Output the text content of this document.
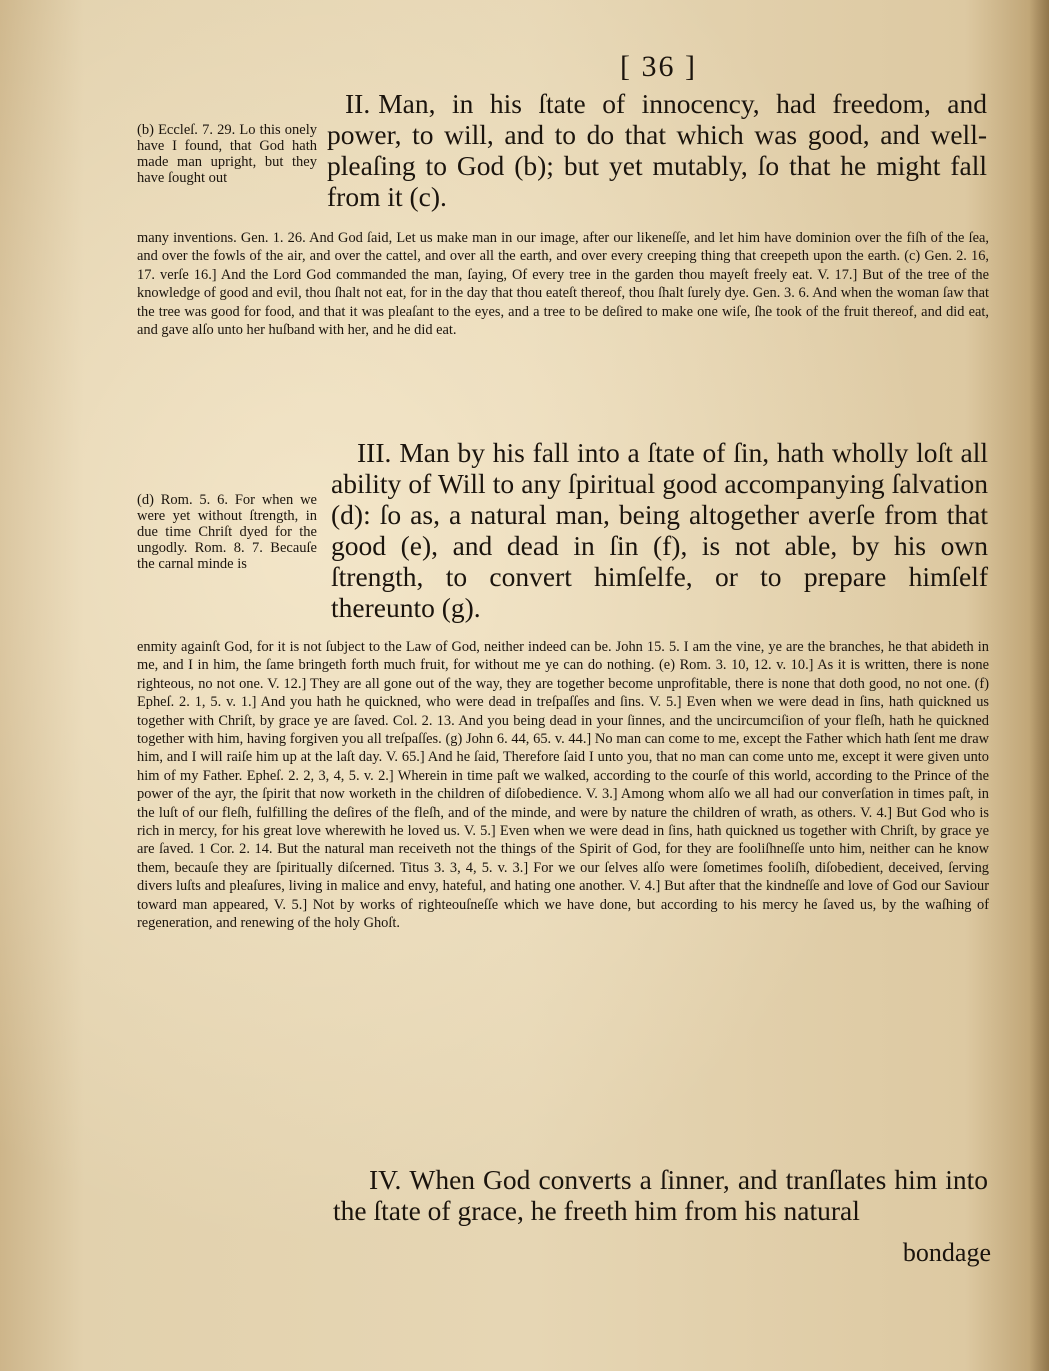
[ 36 ]
II. Man, in his ſtate of innocency, had freedom, and power, to will, and to do that which was good, and well-pleaſing to God (b); but yet mutably, ſo that he might fall from it (c).
(b) Eccleſ. 7. 29. Lo this onely have I found, that God hath made man upright, but they have ſought out
many inventions. Gen. 1. 26. And God ſaid, Let us make man in our image, after our likeneſſe, and let him have dominion over the fiſh of the ſea, and over the fowls of the air, and over the cattel, and over all the earth, and over every creeping thing that creepeth upon the earth. (c) Gen. 2. 16, 17. verſe 16.] And the Lord God commanded the man, ſaying, Of every tree in the garden thou mayeſt freely eat. V. 17.] But of the tree of the knowledge of good and evil, thou ſhalt not eat, for in the day that thou eateſt thereof, thou ſhalt ſurely dye. Gen. 3. 6. And when the woman ſaw that the tree was good for food, and that it was pleaſant to the eyes, and a tree to be deſired to make one wiſe, ſhe took of the fruit thereof, and did eat, and gave alſo unto her huſband with her, and he did eat.
III. Man by his fall into a ſtate of ſin, hath wholly loſt all ability of Will to any ſpiritual good accompanying ſalvation (d): ſo as, a natural man, being altogether averſe from that good (e), and dead in ſin (f), is not able, by his own ſtrength, to convert himſelfe, or to prepare himſelf thereunto (g).
(d) Rom. 5. 6. For when we were yet without ſtrength, in due time Chriſt dyed for the ungodly. Rom. 8. 7. Becauſe the carnal minde is
enmity againſt God, for it is not ſubject to the Law of God, neither indeed can be. John 15. 5. I am the vine, ye are the branches, he that abideth in me, and I in him, the ſame bringeth forth much fruit, for without me ye can do nothing. (e) Rom. 3. 10, 12. v. 10.] As it is written, there is none righteous, no not one. V. 12.] They are all gone out of the way, they are together become unprofitable, there is none that doth good, no not one. (f) Epheſ. 2. 1, 5. v. 1.] And you hath he quickned, who were dead in treſpaſſes and ſins. V. 5.] Even when we were dead in ſins, hath quickned us together with Chriſt, by grace ye are ſaved. Col. 2. 13. And you being dead in your ſinnes, and the uncircumciſion of your fleſh, hath he quickned together with him, having forgiven you all treſpaſſes. (g) John 6. 44, 65. v. 44.] No man can come to me, except the Father which hath ſent me draw him, and I will raiſe him up at the laſt day. V. 65.] And he ſaid, Therefore ſaid I unto you, that no man can come unto me, except it were given unto him of my Father. Epheſ. 2. 2, 3, 4, 5. v. 2.] Wherein in time paſt we walked, according to the courſe of this world, according to the Prince of the power of the ayr, the ſpirit that now worketh in the children of diſobedience. V. 3.] Among whom alſo we all had our converſation in times paſt, in the luſt of our fleſh, fulfilling the deſires of the fleſh, and of the minde, and were by nature the children of wrath, as others. V. 4.] But God who is rich in mercy, for his great love wherewith he loved us. V. 5.] Even when we were dead in ſins, hath quickned us together with Chriſt, by grace ye are ſaved. 1 Cor. 2. 14. But the natural man receiveth not the things of the Spirit of God, for they are fooliſhneſſe unto him, neither can he know them, becauſe they are ſpiritually diſcerned. Titus 3. 3, 4, 5. v. 3.] For we our ſelves alſo were ſometimes fooliſh, diſobedient, deceived, ſerving divers luſts and pleaſures, living in malice and envy, hateful, and hating one another. V. 4.] But after that the kindneſſe and love of God our Saviour toward man appeared, V. 5.] Not by works of righteouſneſſe which we have done, but according to his mercy he ſaved us, by the waſhing of regeneration, and renewing of the holy Ghoſt.
IV. When God converts a ſinner, and tranſlates him into the ſtate of grace, he freeth him from his natural
bondage
